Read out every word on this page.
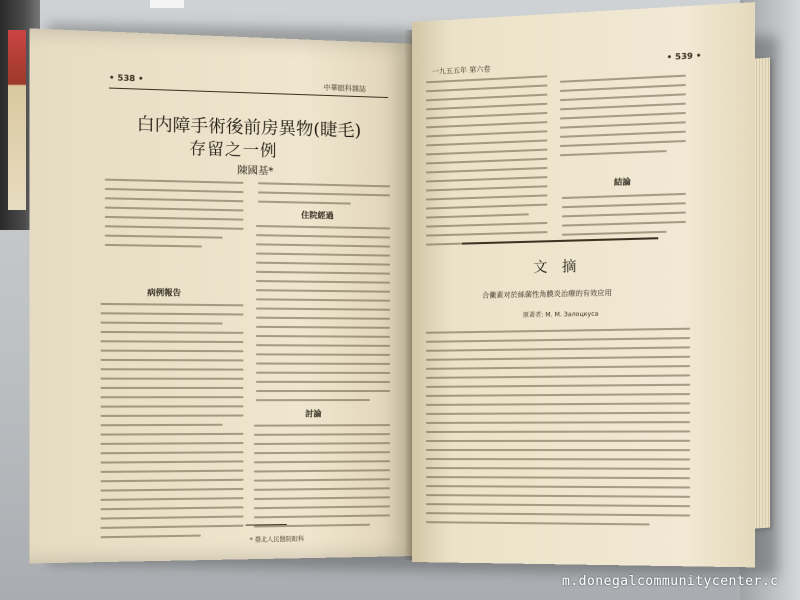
• 538 •
中華眼科雜誌
白内障手術後前房異物(睫毛)
存留之一例
陳國基*
病例報告
住院經過
討論
* 臺北人民醫院眼科
一九五五年 第六卷
• 539 •
結論
文摘
合黴素对於絲菌性角膜炎治療的有效应用
原著者: M. M. Залоцкуса
m.donegalcommunitycenter.c
